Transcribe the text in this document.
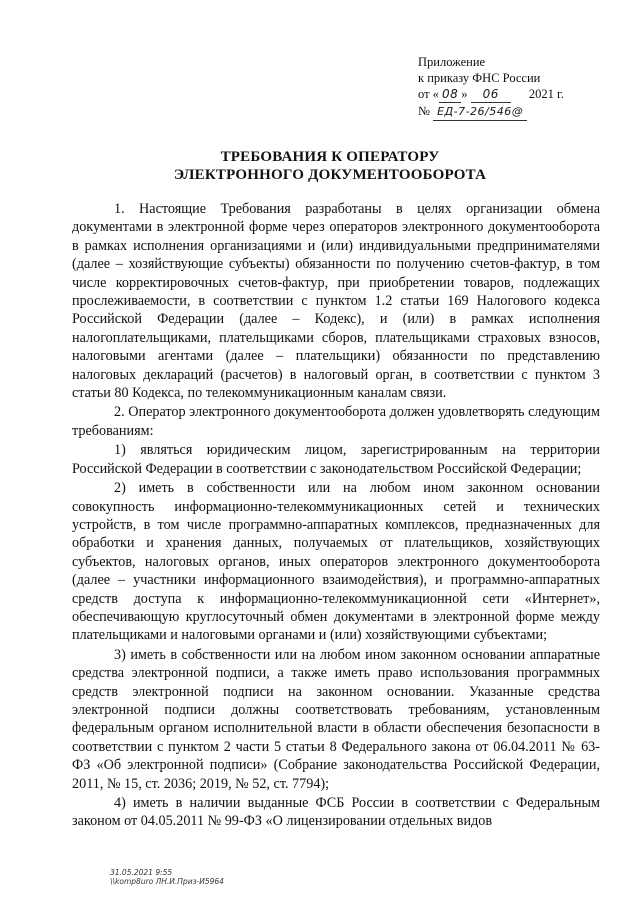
Приложение
к приказу ФНС России
от « 08 » 06 2021 г.
№ ЕД-7-26/546@
ТРЕБОВАНИЯ К ОПЕРАТОРУ
ЭЛЕКТРОННОГО ДОКУМЕНТООБОРОТА

1. Настоящие Требования разработаны в целях организации обмена документами в электронной форме через операторов электронного документооборота в рамках исполнения организациями и (или) индивидуальными предпринимателями (далее – хозяйствующие субъекты) обязанности по получению счетов-фактур, в том числе корректировочных счетов-фактур, при приобретении товаров, подлежащих прослеживаемости, в соответствии с пунктом 1.2 статьи 169 Налогового кодекса Российской Федерации (далее – Кодекс), и (или) в рамках исполнения налогоплательщиками, плательщиками сборов, плательщиками страховых взносов, налоговыми агентами (далее – плательщики) обязанности по представлению налоговых деклараций (расчетов) в налоговый орган, в соответствии с пунктом 3 статьи 80 Кодекса, по телекоммуникационным каналам связи.

2. Оператор электронного документооборота должен удовлетворять следующим требованиям:

1) являться юридическим лицом, зарегистрированным на территории Российской Федерации в соответствии с законодательством Российской Федерации;

2) иметь в собственности или на любом ином законном основании совокупность информационно-телекоммуникационных сетей и технических устройств, в том числе программно-аппаратных комплексов, предназначенных для обработки и хранения данных, получаемых от плательщиков, хозяйствующих субъектов, налоговых органов, иных операторов электронного документооборота (далее – участники информационного взаимодействия), и программно-аппаратных средств доступа к информационно-телекоммуникационной сети «Интернет», обеспечивающую круглосуточный обмен документами в электронной форме между плательщиками и налоговыми органами и (или) хозяйствующими субъектами;

3) иметь в собственности или на любом ином законном основании аппаратные средства электронной подписи, а также иметь право использования программных средств электронной подписи на законном основании. Указанные средства электронной подписи должны соответствовать требованиям, установленным федеральным органом исполнительной власти в области обеспечения безопасности в соответствии с пунктом 2 части 5 статьи 8 Федерального закона от 06.04.2011 № 63-ФЗ «Об электронной подписи» (Собрание законодательства Российской Федерации, 2011, № 15, ст. 2036; 2019, № 52, ст. 7794);

4) иметь в наличии выданные ФСБ России в соответствии с Федеральным законом от 04.05.2011 № 99-ФЗ «О лицензировании отдельных видов

31.05.2021 9:55
\\komp8uro ЛН.И.Приз-И5964
